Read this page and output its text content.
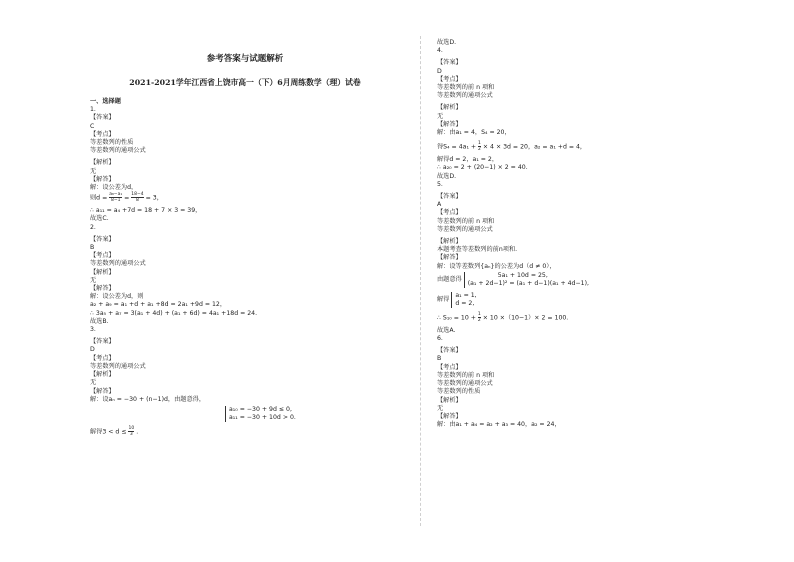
参考答案与试题解析
2021-2021学年江西省上饶市高一（下）6月周练数学（理）试卷
一、选择题
1.
【答案】
C
【考点】
等差数列的性质
等差数列的通项公式
【解析】
无
【解答】
解：设公差为d，
则$d = \frac{\text{a₈−a₁}}{8-1} = \frac{18-4}{8} = 3$，
∴ a₁₁ = a₄ +7d = 18 + 7 × 3 = 39，
故选C.
2.
【答案】
B
【考点】
等差数列的通项公式
【解析】
无
【解答】
解：设公差为d，则
a₂ + a₉ = a₁ +d + a₁ +8d = 2a₁ +9d = 12，
∴ 3a₅ + a₇ = 3(a₁ + 4d) + (a₁ + 6d) = 4a₁ +18d = 24.
故选B.
3.
【答案】
D
【考点】
等差数列的通项公式
【解析】
无
【解答】
解：设aₙ = −30 + (n−1)d，由题意得，
a₁₀ = −30 + 9d ≤ 0,
a₁₁ = −30 + 10d > 0.
解得$3 < d \le \frac{10}{3}$ .
故选D.
4.
【答案】
D
【考点】
等差数列的前 n 项和
等差数列的通项公式
【解析】
无
【解答】
解：由a₁ = 4，S₄ = 20，
得$S_4 = 4a_1 + \frac{1}{2} \times 4 \times 3d = 20$，a₂ = a₁ +d = 4，
解得d = 2，a₁ = 2，
∴ a₂₀ = 2 + (20−1) × 2 = 40.
故选D.
5.
【答案】
A
【考点】
等差数列的前 n 项和
等差数列的通项公式
【解析】
本题考查等差数列的前n项和.
【解答】
解：设等差数列{aₙ}的公差为d（d ≠ 0），
由题意得
5a₁ + 10d = 25,
(a₁ + 2d−1)² = (a₁ + d−1)(a₁ + 4d−1),
解得
a₁ = 1,
d = 2,
∴ $S_{10} = 10 + \frac{1}{2} \times 10 \times(10-1)\times 2 = 100$.
故选A.
6.
【答案】
B
【考点】
等差数列的前 n 项和
等差数列的通项公式
等差数列的性质
【解析】
无
【解答】
解：由a₁ + a₄ = a₂ + a₃ = 40，a₂ = 24，
